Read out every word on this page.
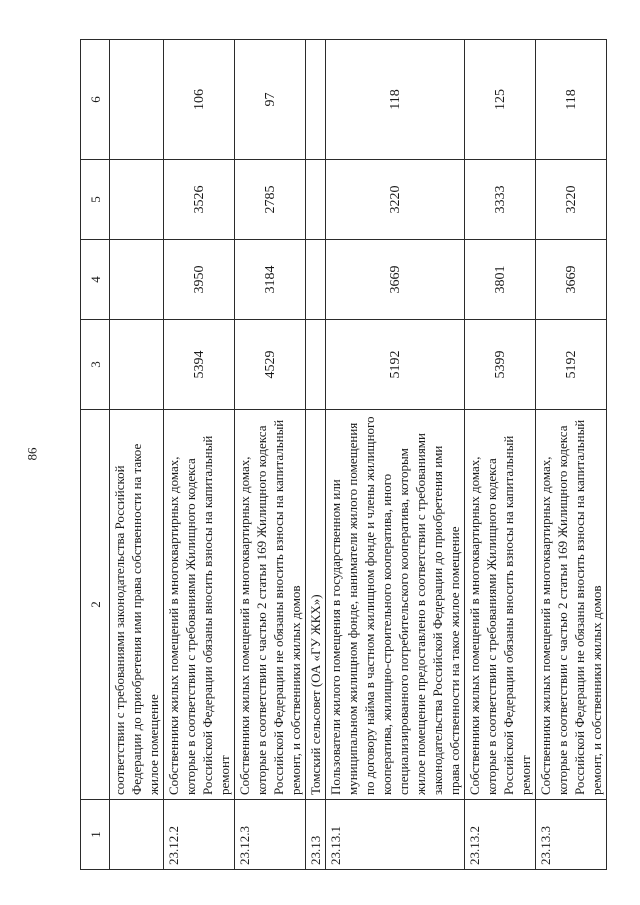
86
1	2	3	4	5	6
	соответствии с требованиями законодательства Российской Федерации до приобретения ими права собственности на такое жилое помещение				
23.12.2	Собственники жилых помещений в многоквартирных домах, которые в соответствии с требованиями Жилищного кодекса Российской Федерации обязаны вносить взносы на капитальный ремонт	5394	3950	3526	106
23.12.3	Собственники жилых помещений в многоквартирных домах, которые в соответствии с частью 2 статьи 169 Жилищного кодекса Российской Федерации не обязаны вносить взносы на капитальный ремонт, и собственники жилых домов	4529	3184	2785	97
23.13	Томский сельсовет (ОА «ГУ ЖКХ»)				
23.13.1	Пользователи жилого помещения в государственном или муниципальном жилищном фонде, наниматели жилого помещения по договору найма в частном жилищном фонде и члены жилищного кооператива, жилищно-строительного кооператива, иного специализированного потребительского кооператива, которым жилое помещение предоставлено в соответствии с требованиями законодательства Российской Федерации до приобретения ими права собственности на такое жилое помещение	5192	3669	3220	118
23.13.2	Собственники жилых помещений в многоквартирных домах, которые в соответствии с требованиями Жилищного кодекса Российской Федерации обязаны вносить взносы на капитальный ремонт	5399	3801	3333	125
23.13.3	Собственники жилых помещений в многоквартирных домах, которые в соответствии с частью 2 статьи 169 Жилищного кодекса Российской Федерации не обязаны вносить взносы на капитальный ремонт, и собственники жилых домов	5192	3669	3220	118
